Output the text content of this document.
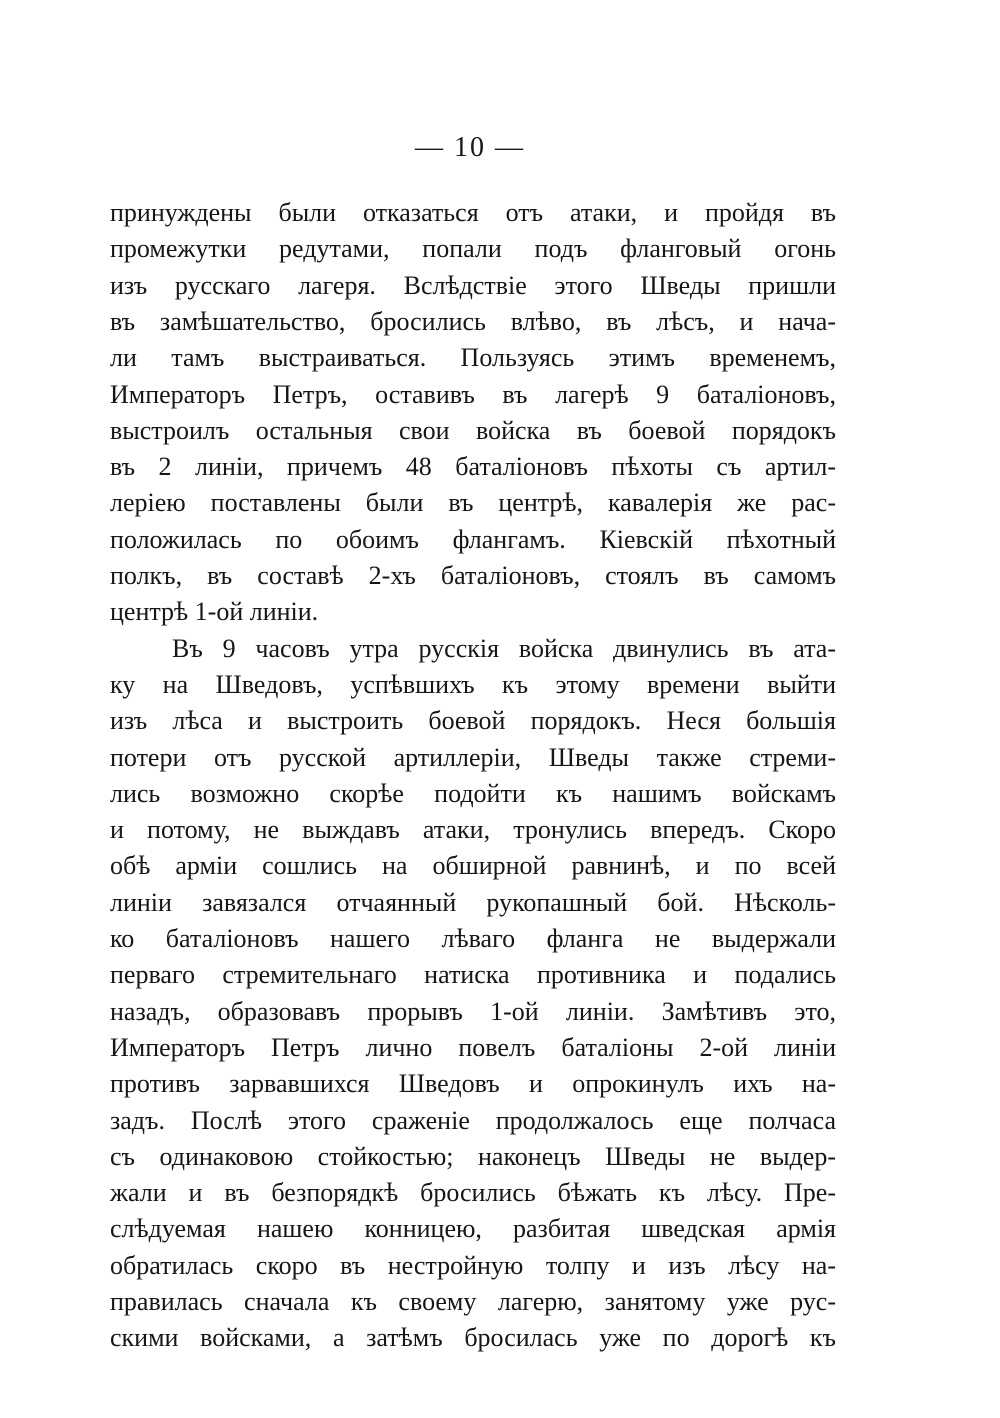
— 10 —
принуждены были отказаться отъ атаки, и пройдя въ
промежутки редутами, попали подъ фланговый огонь
изъ русскаго лагеря. Вслѣдствіе этого Шведы пришли
въ замѣшательство, бросились влѣво, въ лѣсъ, и нача-
ли тамъ выстраиваться. Пользуясь этимъ временемъ,
Императоръ Петръ, оставивъ въ лагерѣ 9 баталіоновъ,
выстроилъ остальныя свои войска въ боевой порядокъ
въ 2 линіи, причемъ 48 баталіоновъ пѣхоты съ артил-
леріею поставлены были въ центрѣ, кавалерія же рас-
положилась по обоимъ флангамъ. Кіевскій пѣхотный
полкъ, въ составѣ 2-хъ баталіоновъ, стоялъ въ самомъ
центрѣ 1-ой линіи.
Въ 9 часовъ утра русскія войска двинулись въ ата-
ку на Шведовъ, успѣвшихъ къ этому времени выйти
изъ лѣса и выстроить боевой порядокъ. Неся большія
потери отъ русской артиллеріи, Шведы также стреми-
лись возможно скорѣе подойти къ нашимъ войскамъ
и потому, не выждавъ атаки, тронулись впередъ. Скоро
обѣ арміи сошлись на обширной равнинѣ, и по всей
линіи завязался отчаянный рукопашный бой. Нѣсколь-
ко баталіоновъ нашего лѣваго фланга не выдержали
перваго стремительнаго натиска противника и подались
назадъ, образовавъ прорывъ 1-ой линіи. Замѣтивъ это,
Императоръ Петръ лично повелъ баталіоны 2-ой линіи
противъ зарвавшихся Шведовъ и опрокинулъ ихъ на-
задъ. Послѣ этого сраженіе продолжалось еще полчаса
съ одинаковою стойкостью; наконецъ Шведы не выдер-
жали и въ безпорядкѣ бросились бѣжать къ лѣсу. Пре-
слѣдуемая нашею конницею, разбитая шведская армія
обратилась скоро въ нестройную толпу и изъ лѣсу на-
правилась сначала къ своему лагерю, занятому уже рус-
скими войсками, а затѣмъ бросилась уже по дорогѣ къ
